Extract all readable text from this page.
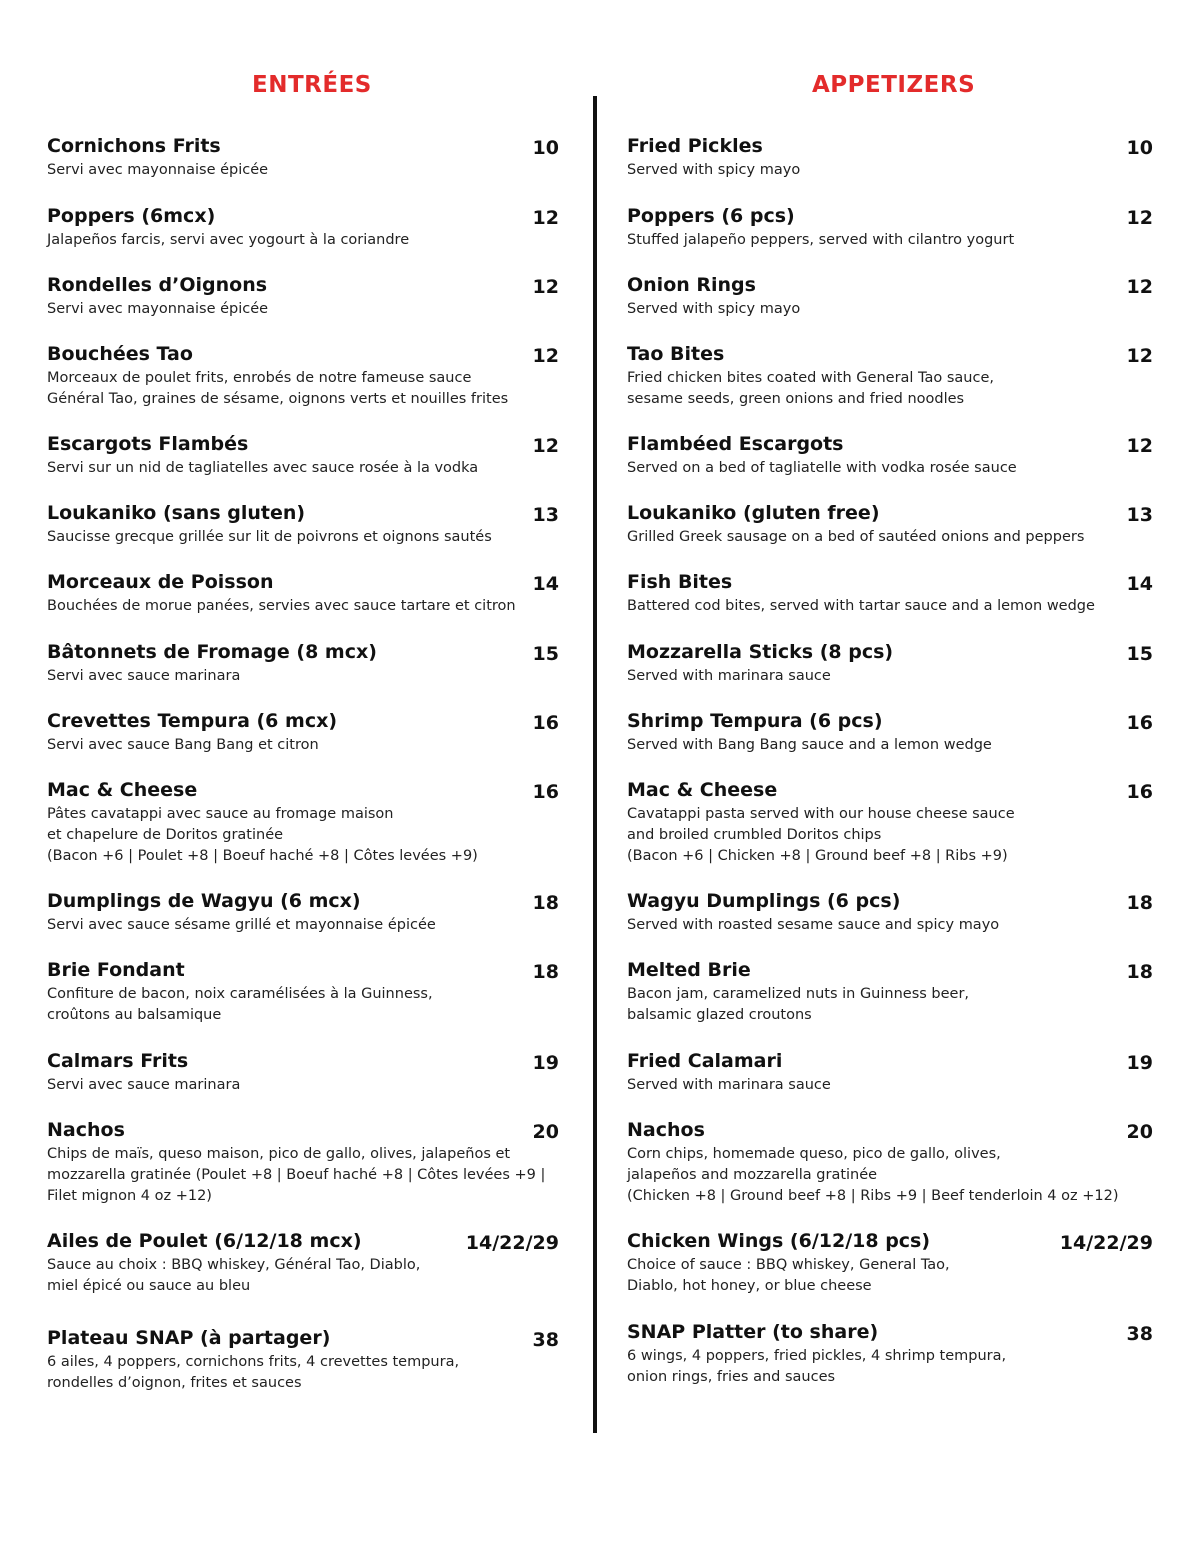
ENTRÉES	APPETIZERS
Cornichons Frits
Servi avec mayonnaise épicée
10
Poppers (6mcx)
Jalapeños farcis, servi avec yogourt à la coriandre
12
Rondelles d’Oignons
Servi avec mayonnaise épicée
12
Bouchées Tao
Morceaux de poulet frits, enrobés de notre fameuse sauce
Général Tao, graines de sésame, oignons verts et nouilles frites
12
Escargots Flambés
Servi sur un nid de tagliatelles avec sauce rosée à la vodka
12
Loukaniko (sans gluten)
Saucisse grecque grillée sur lit de poivrons et oignons sautés
13
Morceaux de Poisson
Bouchées de morue panées, servies avec sauce tartare et citron
14
Bâtonnets de Fromage (8 mcx)
Servi avec sauce marinara
15
Crevettes Tempura (6 mcx)
Servi avec sauce Bang Bang et citron
16
Mac & Cheese
Pâtes cavatappi avec sauce au fromage maison
et chapelure de Doritos gratinée
(Bacon +6 | Poulet +8 | Boeuf haché +8 | Côtes levées +9)
16
Dumplings de Wagyu (6 mcx)
Servi avec sauce sésame grillé et mayonnaise épicée
18
Brie Fondant
Confiture de bacon, noix caramélisées à la Guinness,
croûtons au balsamique
18
Calmars Frits
Servi avec sauce marinara
19
Nachos
Chips de maïs, queso maison, pico de gallo, olives, jalapeños et
mozzarella gratinée (Poulet +8 | Boeuf haché +8 | Côtes levées +9 |
Filet mignon 4 oz +12)
20
Ailes de Poulet (6/12/18 mcx)
Sauce au choix : BBQ whiskey, Général Tao, Diablo,
miel épicé ou sauce au bleu
14/22/29
Plateau SNAP (à partager)
6 ailes, 4 poppers, cornichons frits, 4 crevettes tempura,
rondelles d’oignon, frites et sauces
38
Fried Pickles
Served with spicy mayo
10
Poppers (6 pcs)
Stuffed jalapeño peppers, served with cilantro yogurt
12
Onion Rings
Served with spicy mayo
12
Tao Bites
Fried chicken bites coated with General Tao sauce,
sesame seeds, green onions and fried noodles
12
Flambéed Escargots
Served on a bed of tagliatelle with vodka rosée sauce
12
Loukaniko (gluten free)
Grilled Greek sausage on a bed of sautéed onions and peppers
13
Fish Bites
Battered cod bites, served with tartar sauce and a lemon wedge
14
Mozzarella Sticks (8 pcs)
Served with marinara sauce
15
Shrimp Tempura (6 pcs)
Served with Bang Bang sauce and a lemon wedge
16
Mac & Cheese
Cavatappi pasta served with our house cheese sauce
and broiled crumbled Doritos chips
(Bacon +6 | Chicken +8 | Ground beef +8 | Ribs +9)
16
Wagyu Dumplings (6 pcs)
Served with roasted sesame sauce and spicy mayo
18
Melted Brie
Bacon jam, caramelized nuts in Guinness beer,
balsamic glazed croutons
18
Fried Calamari
Served with marinara sauce
19
Nachos
Corn chips, homemade queso, pico de gallo, olives,
jalapeños and mozzarella gratinée
(Chicken +8 | Ground beef +8 | Ribs +9 | Beef tenderloin 4 oz +12)
20
Chicken Wings (6/12/18 pcs)
Choice of sauce : BBQ whiskey, General Tao,
Diablo, hot honey, or blue cheese
14/22/29
SNAP Platter (to share)
6 wings, 4 poppers, fried pickles, 4 shrimp tempura,
onion rings, fries and sauces
38
